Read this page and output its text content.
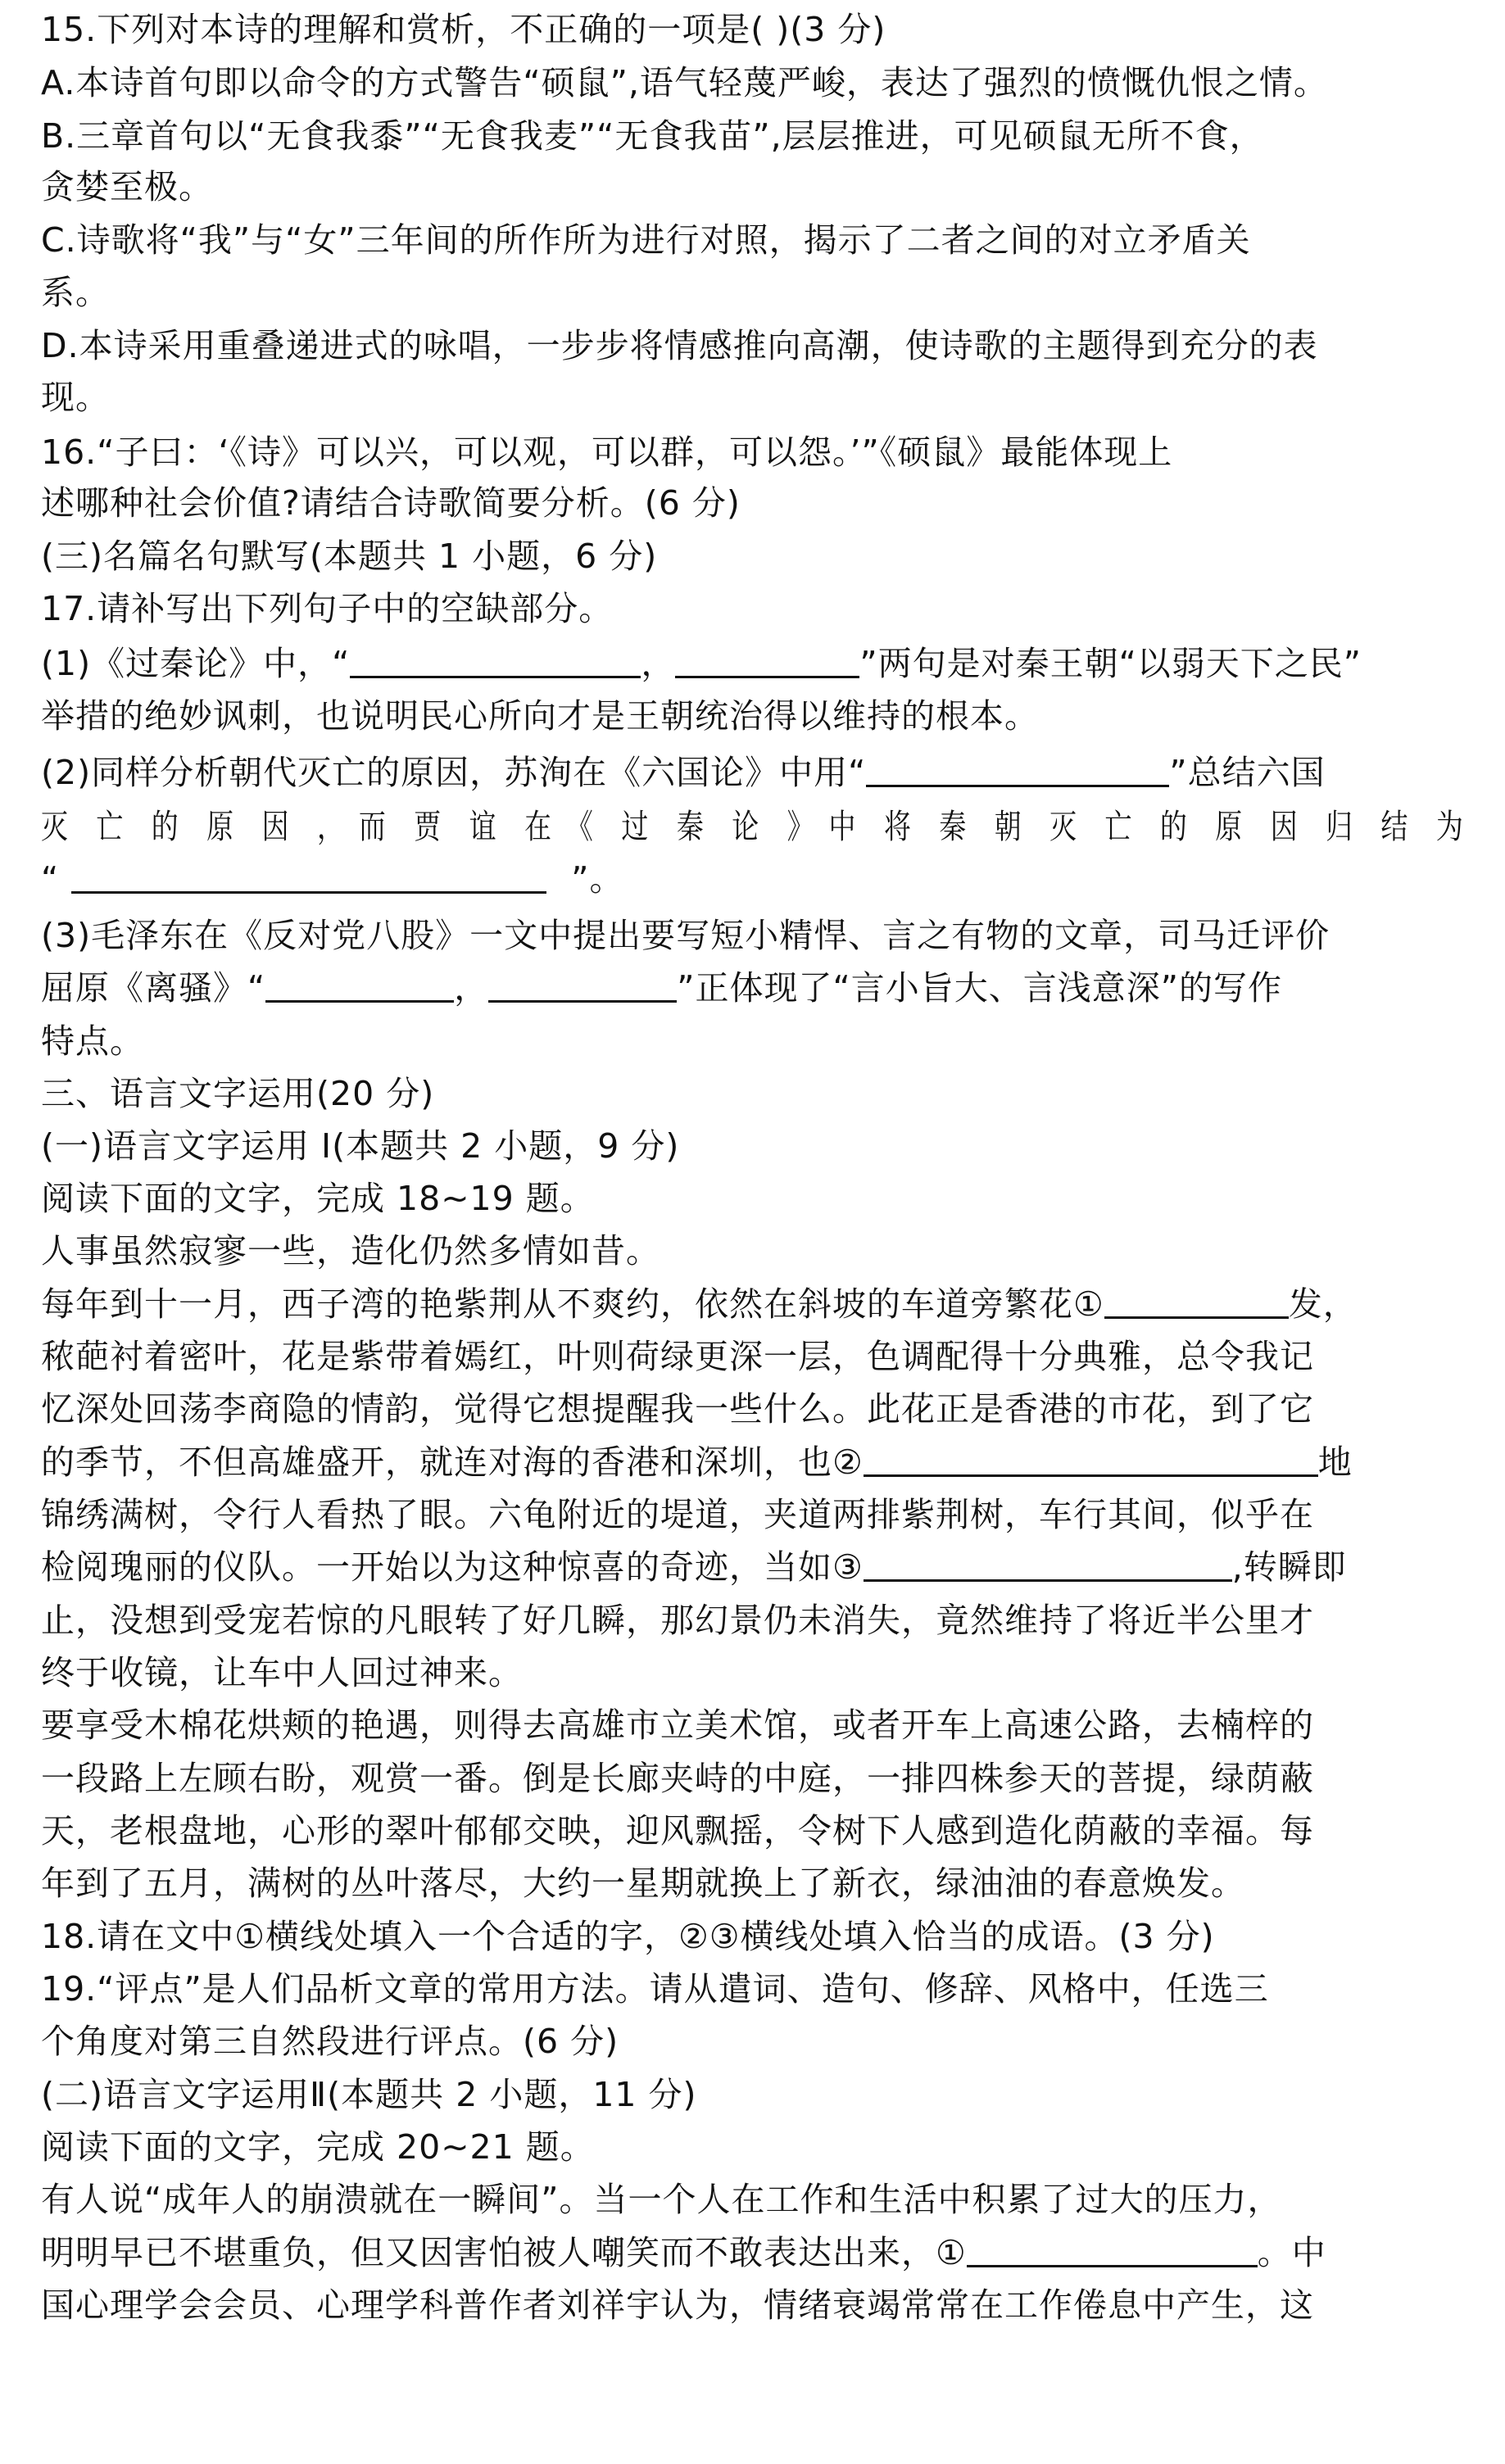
15.下列对本诗的理解和赏析，不正确的一项是( )(3 分)
A.本诗首句即以命令的方式警告“硕鼠”,语气轻蔑严峻，表达了强烈的愤慨仇恨之情。
B.三章首句以“无食我黍”“无食我麦”“无食我苗”,层层推进，可见硕鼠无所不食，
贪婪至极。
C.诗歌将“我”与“女”三年间的所作所为进行对照，揭示了二者之间的对立矛盾关
系。
D.本诗采用重叠递进式的咏唱，一步步将情感推向高潮，使诗歌的主题得到充分的表
现。
16.“子曰：‘《诗》可以兴，可以观，可以群，可以怨。’”《硕鼠》最能体现上
述哪种社会价值?请结合诗歌简要分析。(6 分)
(三)名篇名句默写(本题共 1 小题，6 分)
17.请补写出下列句子中的空缺部分。
(1)《过秦论》中，“	，	”两句是对秦王朝“以弱天下之民”
举措的绝妙讽刺，也说明民心所向才是王朝统治得以维持的根本。
(2)同样分析朝代灭亡的原因，苏洵在《六国论》中用“	”总结六国
灭　亡　的　原　因　，　而　贾　谊　在　《　过　秦　论　》　中　将　秦　朝　灭　亡　的　原　因　归　结　为
“	”。
(3)毛泽东在《反对党八股》一文中提出要写短小精悍、言之有物的文章，司马迁评价
屈原《离骚》“	，	”正体现了“言小旨大、言浅意深”的写作
特点。
三、语言文字运用(20 分)
(一)语言文字运用 I(本题共 2 小题，9 分)
阅读下面的文字，完成 18~19 题。
人事虽然寂寥一些，造化仍然多情如昔。
每年到十一月，西子湾的艳紫荆从不爽约，依然在斜坡的车道旁繁花①	发，
秾葩衬着密叶，花是紫带着嫣红，叶则荷绿更深一层，色调配得十分典雅，总令我记
忆深处回荡李商隐的情韵，觉得它想提醒我一些什么。此花正是香港的市花，到了它
的季节，不但高雄盛开，就连对海的香港和深圳，也②	地
锦绣满树，令行人看热了眼。六龟附近的堤道，夹道两排紫荆树，车行其间，似乎在
检阅瑰丽的仪队。一开始以为这种惊喜的奇迹，当如③	,转瞬即
止，没想到受宠若惊的凡眼转了好几瞬，那幻景仍未消失，竟然维持了将近半公里才
终于收镜，让车中人回过神来。
要享受木棉花烘颊的艳遇，则得去高雄市立美术馆，或者开车上高速公路，去楠梓的
一段路上左顾右盼，观赏一番。倒是长廊夹峙的中庭，一排四株参天的菩提，绿荫蔽
天，老根盘地，心形的翠叶郁郁交映，迎风飘摇，令树下人感到造化荫蔽的幸福。每
年到了五月，满树的丛叶落尽，大约一星期就换上了新衣，绿油油的春意焕发。
18.请在文中①横线处填入一个合适的字，②③横线处填入恰当的成语。(3 分)
19.“评点”是人们品析文章的常用方法。请从遣词、造句、修辞、风格中，任选三
个角度对第三自然段进行评点。(6 分)
(二)语言文字运用Ⅱ(本题共 2 小题，11 分)
阅读下面的文字，完成 20~21 题。
有人说“成年人的崩溃就在一瞬间”。当一个人在工作和生活中积累了过大的压力，
明明早已不堪重负，但又因害怕被人嘲笑而不敢表达出来，①	。中
国心理学会会员、心理学科普作者刘祥宇认为，情绪衰竭常常在工作倦息中产生，这
